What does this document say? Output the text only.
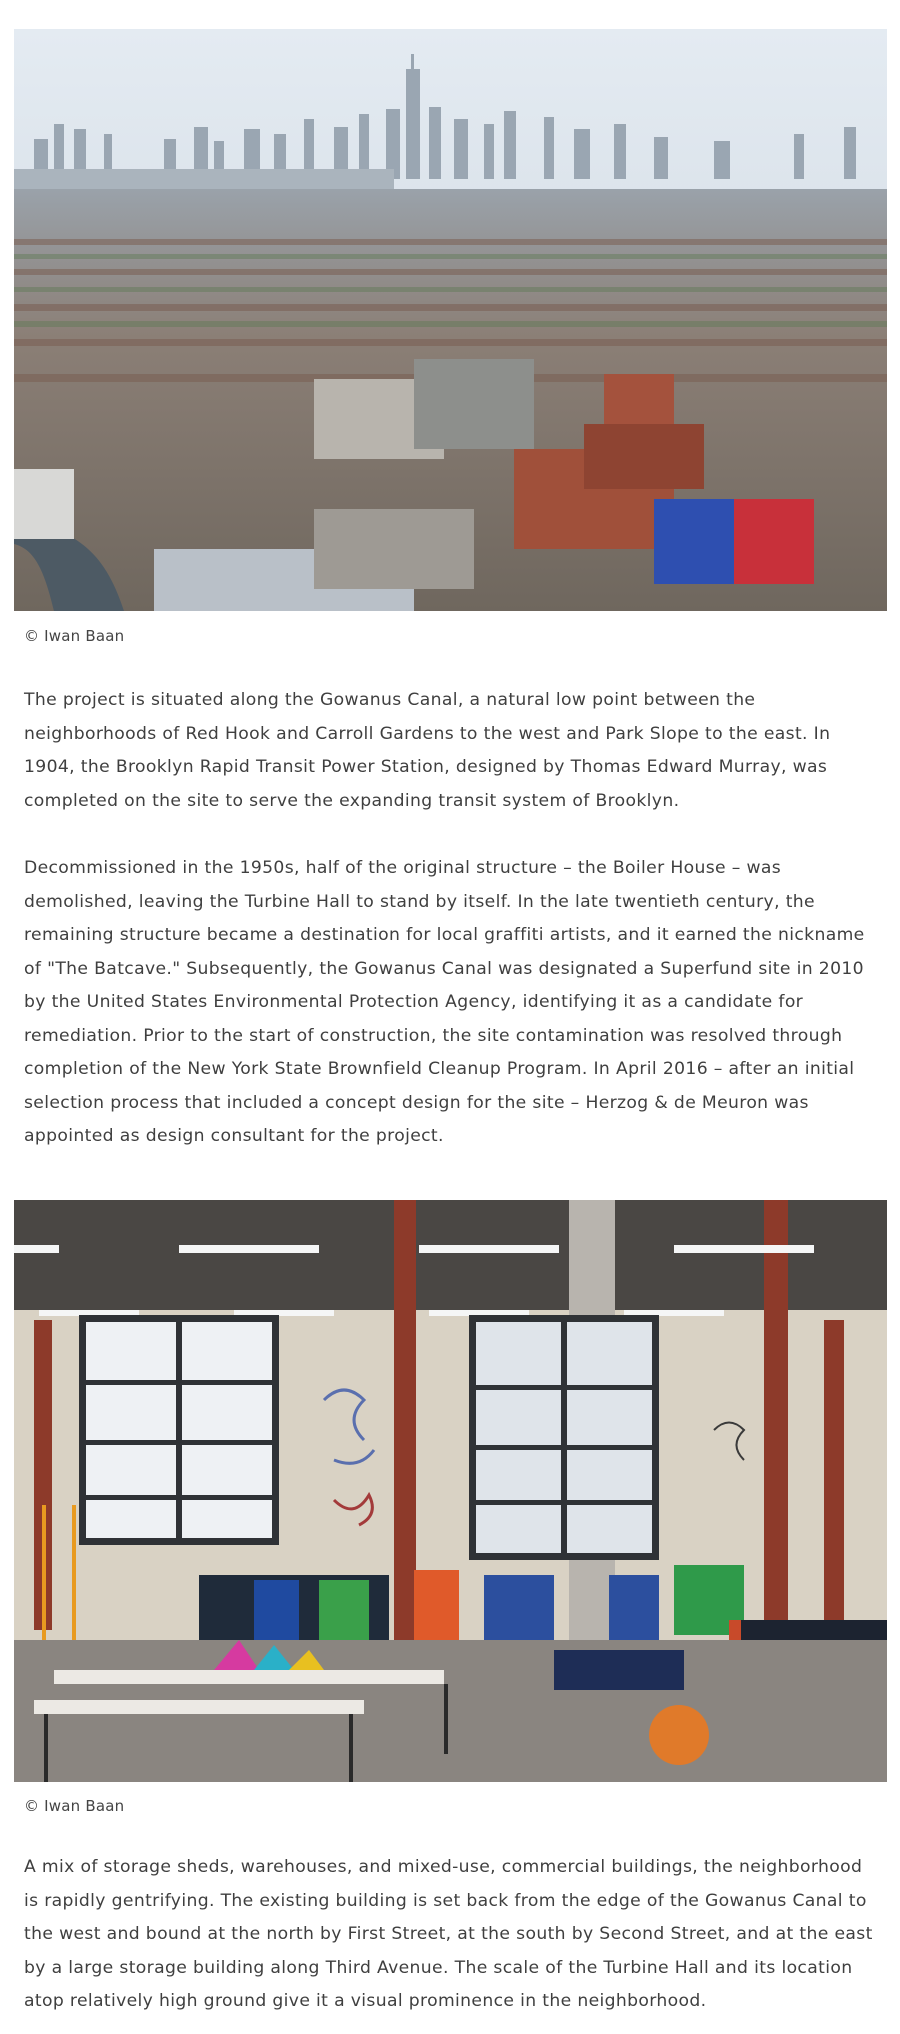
© Iwan Baan

The project is situated along the Gowanus Canal, a natural low point between the neighborhoods of Red Hook and Carroll Gardens to the west and Park Slope to the east. In 1904, the Brooklyn Rapid Transit Power Station, designed by Thomas Edward Murray, was completed on the site to serve the expanding transit system of Brooklyn.

Decommissioned in the 1950s, half of the original structure – the Boiler House – was demolished, leaving the Turbine Hall to stand by itself. In the late twentieth century, the remaining structure became a destination for local graffiti artists, and it earned the nickname of "The Batcave." Subsequently, the Gowanus Canal was designated a Superfund site in 2010 by the United States Environmental Protection Agency, identifying it as a candidate for remediation. Prior to the start of construction, the site contamination was resolved through completion of the New York State Brownfield Cleanup Program. In April 2016 – after an initial selection process that included a concept design for the site – Herzog & de Meuron was appointed as design consultant for the project.

© Iwan Baan

A mix of storage sheds, warehouses, and mixed-use, commercial buildings, the neighborhood is rapidly gentrifying. The existing building is set back from the edge of the Gowanus Canal to the west and bound at the north by First Street, at the south by Second Street, and at the east by a large storage building along Third Avenue. The scale of the Turbine Hall and its location atop relatively high ground give it a visual prominence in the neighborhood.
